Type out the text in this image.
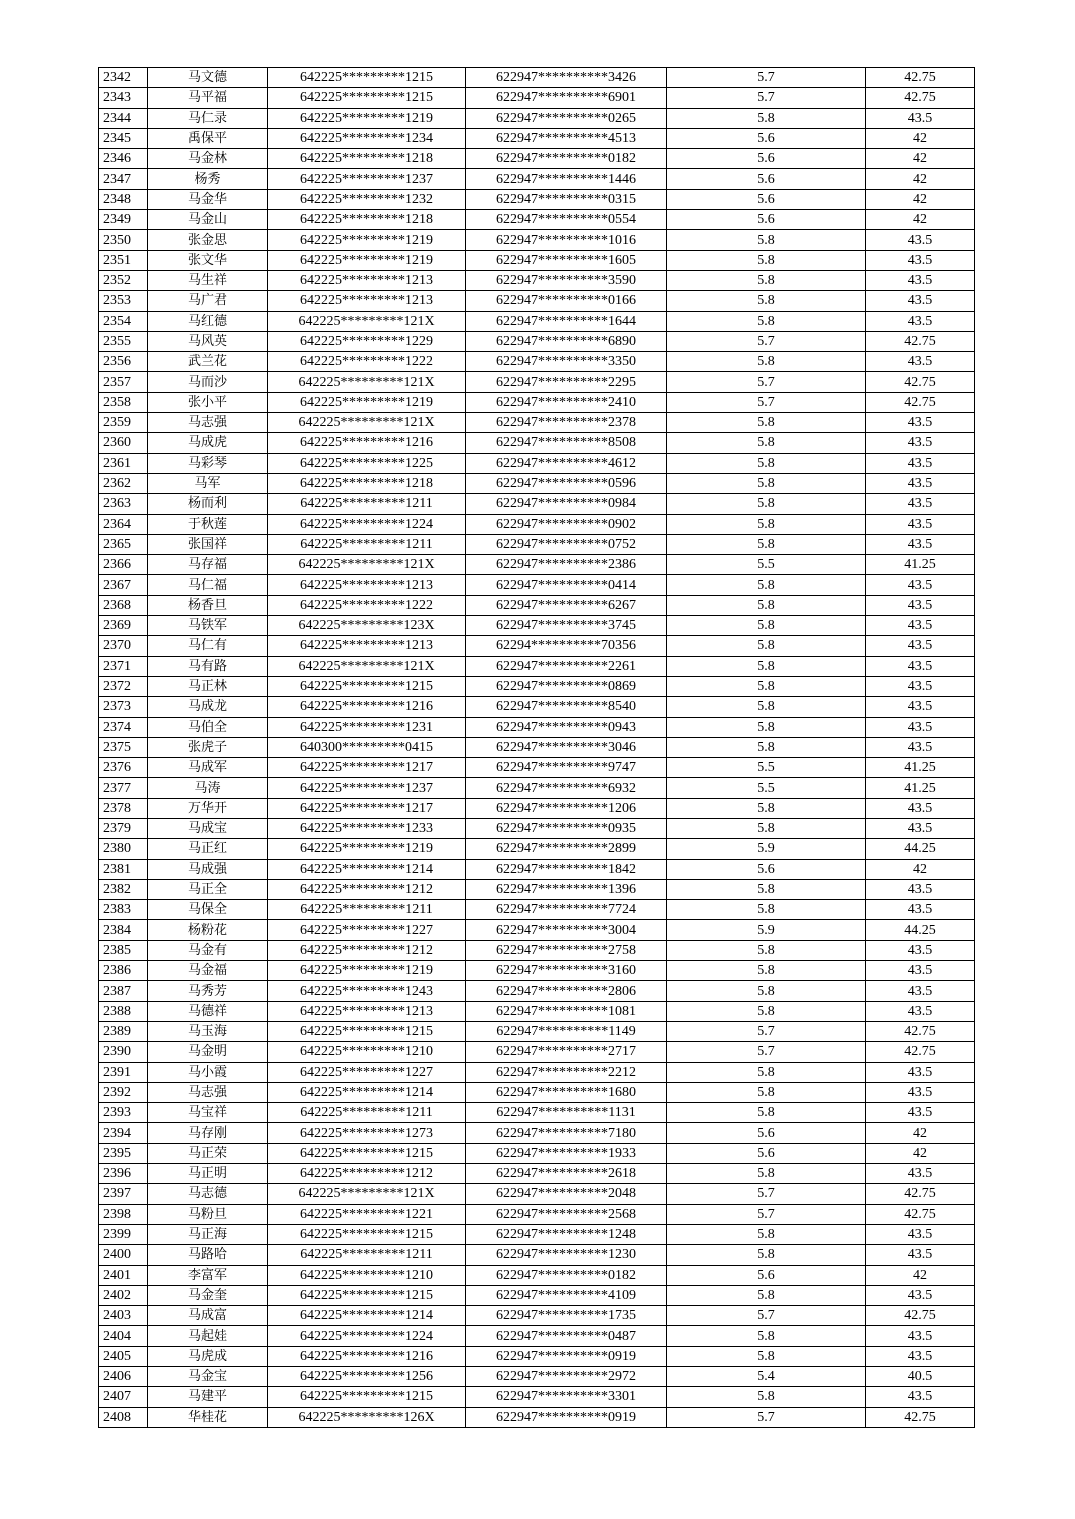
2342	马文德	642225*********1215	622947**********3426	5.7	42.75
2343	马平福	642225*********1215	622947**********6901	5.7	42.75
2344	马仁录	642225*********1219	622947**********0265	5.8	43.5
2345	禹保平	642225*********1234	622947**********4513	5.6	42
2346	马金林	642225*********1218	622947**********0182	5.6	42
2347	杨秀	642225*********1237	622947**********1446	5.6	42
2348	马金华	642225*********1232	622947**********0315	5.6	42
2349	马金山	642225*********1218	622947**********0554	5.6	42
2350	张金思	642225*********1219	622947**********1016	5.8	43.5
2351	张文华	642225*********1219	622947**********1605	5.8	43.5
2352	马生祥	642225*********1213	622947**********3590	5.8	43.5
2353	马广君	642225*********1213	622947**********0166	5.8	43.5
2354	马红德	642225*********121X	622947**********1644	5.8	43.5
2355	马风英	642225*********1229	622947**********6890	5.7	42.75
2356	武兰花	642225*********1222	622947**********3350	5.8	43.5
2357	马而沙	642225*********121X	622947**********2295	5.7	42.75
2358	张小平	642225*********1219	622947**********2410	5.7	42.75
2359	马志强	642225*********121X	622947**********2378	5.8	43.5
2360	马成虎	642225*********1216	622947**********8508	5.8	43.5
2361	马彩琴	642225*********1225	622947**********4612	5.8	43.5
2362	马军	642225*********1218	622947**********0596	5.8	43.5
2363	杨而利	642225*********1211	622947**********0984	5.8	43.5
2364	于秋莲	642225*********1224	622947**********0902	5.8	43.5
2365	张国祥	642225*********1211	622947**********0752	5.8	43.5
2366	马存福	642225*********121X	622947**********2386	5.5	41.25
2367	马仁福	642225*********1213	622947**********0414	5.8	43.5
2368	杨香旦	642225*********1222	622947**********6267	5.8	43.5
2369	马铁军	642225*********123X	622947**********3745	5.8	43.5
2370	马仁有	642225*********1213	62294**********70356	5.8	43.5
2371	马有路	642225*********121X	622947**********2261	5.8	43.5
2372	马正林	642225*********1215	622947**********0869	5.8	43.5
2373	马成龙	642225*********1216	622947**********8540	5.8	43.5
2374	马伯全	642225*********1231	622947**********0943	5.8	43.5
2375	张虎子	640300*********0415	622947**********3046	5.8	43.5
2376	马成军	642225*********1217	622947**********9747	5.5	41.25
2377	马涛	642225*********1237	622947**********6932	5.5	41.25
2378	万华开	642225*********1217	622947**********1206	5.8	43.5
2379	马成宝	642225*********1233	622947**********0935	5.8	43.5
2380	马正红	642225*********1219	622947**********2899	5.9	44.25
2381	马成强	642225*********1214	622947**********1842	5.6	42
2382	马正全	642225*********1212	622947**********1396	5.8	43.5
2383	马保全	642225*********1211	622947**********7724	5.8	43.5
2384	杨粉花	642225*********1227	622947**********3004	5.9	44.25
2385	马金有	642225*********1212	622947**********2758	5.8	43.5
2386	马金福	642225*********1219	622947**********3160	5.8	43.5
2387	马秀芳	642225*********1243	622947**********2806	5.8	43.5
2388	马德祥	642225*********1213	622947**********1081	5.8	43.5
2389	马玉海	642225*********1215	622947**********1149	5.7	42.75
2390	马金明	642225*********1210	622947**********2717	5.7	42.75
2391	马小霞	642225*********1227	622947**********2212	5.8	43.5
2392	马志强	642225*********1214	622947**********1680	5.8	43.5
2393	马宝祥	642225*********1211	622947**********1131	5.8	43.5
2394	马存刚	642225*********1273	622947**********7180	5.6	42
2395	马正荣	642225*********1215	622947**********1933	5.6	42
2396	马正明	642225*********1212	622947**********2618	5.8	43.5
2397	马志德	642225*********121X	622947**********2048	5.7	42.75
2398	马粉旦	642225*********1221	622947**********2568	5.7	42.75
2399	马正海	642225*********1215	622947**********1248	5.8	43.5
2400	马路哈	642225*********1211	622947**********1230	5.8	43.5
2401	李富军	642225*********1210	622947**********0182	5.6	42
2402	马金奎	642225*********1215	622947**********4109	5.8	43.5
2403	马成富	642225*********1214	622947**********1735	5.7	42.75
2404	马起娃	642225*********1224	622947**********0487	5.8	43.5
2405	马虎成	642225*********1216	622947**********0919	5.8	43.5
2406	马金宝	642225*********1256	622947**********2972	5.4	40.5
2407	马建平	642225*********1215	622947**********3301	5.8	43.5
2408	华桂花	642225*********126X	622947**********0919	5.7	42.75
